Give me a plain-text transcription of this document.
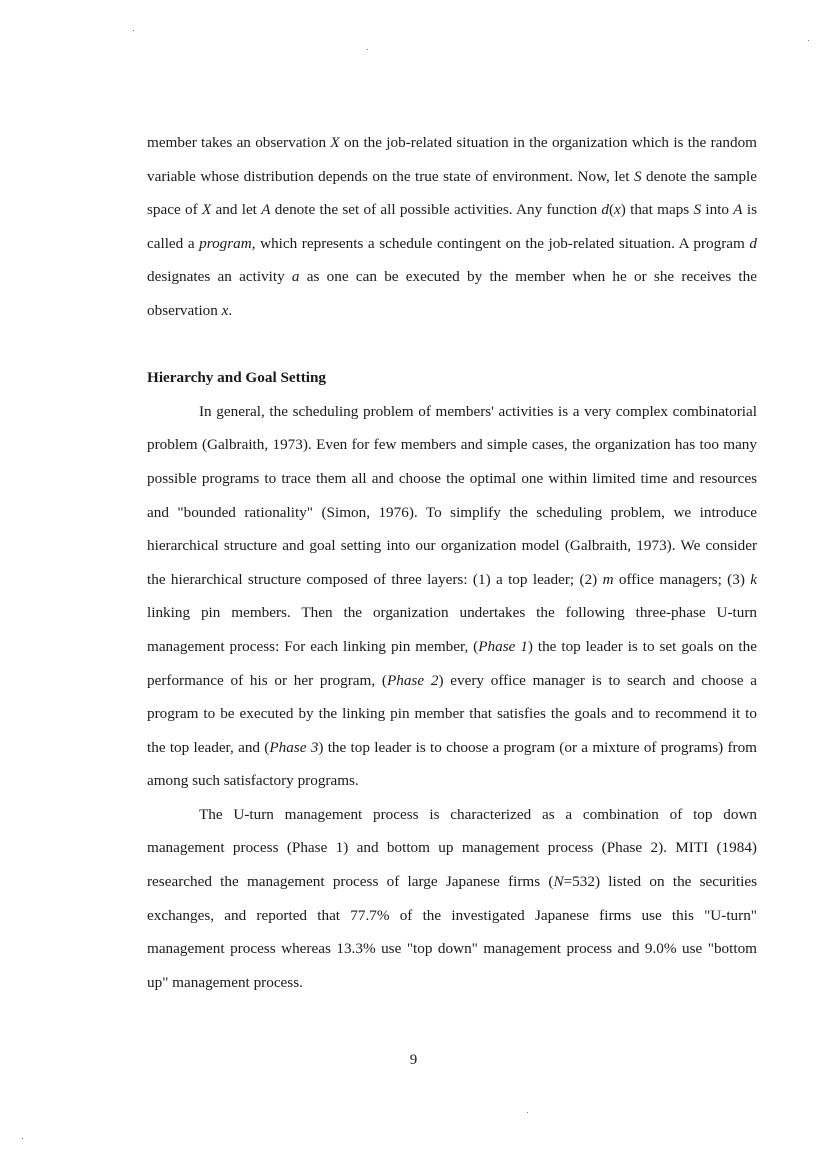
member takes an observation X on the job-related situation in the organization which is the random variable whose distribution depends on the true state of environment. Now, let S denote the sample space of X and let A denote the set of all possible activities. Any function d(x) that maps S into A is called a program, which represents a schedule contingent on the job-related situation. A program d designates an activity a as one can be executed by the member when he or she receives the observation x.

Hierarchy and Goal Setting

In general, the scheduling problem of members' activities is a very complex combinatorial problem (Galbraith, 1973). Even for few members and simple cases, the organization has too many possible programs to trace them all and choose the optimal one within limited time and resources and "bounded rationality" (Simon, 1976). To simplify the scheduling problem, we introduce hierarchical structure and goal setting into our organization model (Galbraith, 1973). We consider the hierarchical structure composed of three layers: (1) a top leader; (2) m office managers; (3) k linking pin members. Then the organization undertakes the following three-phase U-turn management process: For each linking pin member, (Phase 1) the top leader is to set goals on the performance of his or her program, (Phase 2) every office manager is to search and choose a program to be executed by the linking pin member that satisfies the goals and to recommend it to the top leader, and (Phase 3) the top leader is to choose a program (or a mixture of programs) from among such satisfactory programs.

The U-turn management process is characterized as a combination of top down management process (Phase 1) and bottom up management process (Phase 2). MITI (1984) researched the management process of large Japanese firms (N=532) listed on the securities exchanges, and reported that 77.7% of the investigated Japanese firms use this "U-turn" management process whereas 13.3% use "top down" management process and 9.0% use "bottom up" management process.

9
